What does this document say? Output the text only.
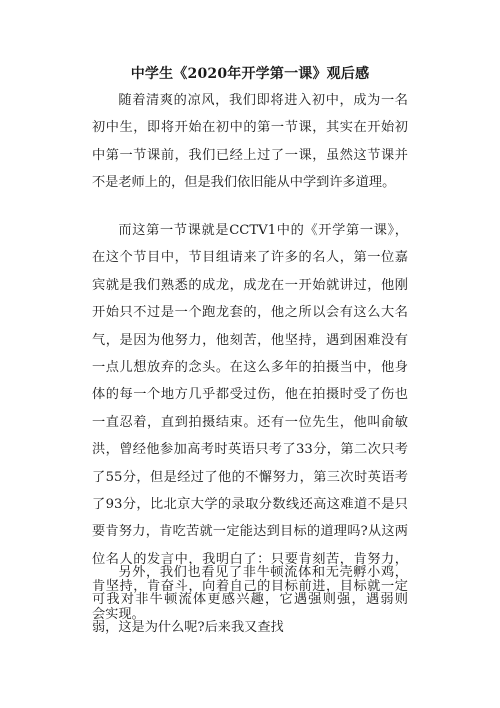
中学生《2020年开学第一课》观后感

随着清爽的凉风，我们即将进入初中，成为一名初中生，即将开始在初中的第一节课，其实在开始初中第一节课前，我们已经上过了一课，虽然这节课并不是老师上的，但是我们依旧能从中学到许多道理。

而这第一节课就是CCTV1中的《开学第一课》，在这个节目中，节目组请来了许多的名人，第一位嘉宾就是我们熟悉的成龙，成龙在一开始就讲过，他刚开始只不过是一个跑龙套的，他之所以会有这么大名气，是因为他努力，他刻苦，他坚持，遇到困难没有一点儿想放弃的念头。在这么多年的拍摄当中，他身体的每一个地方几乎都受过伤，他在拍摄时受了伤也一直忍着，直到拍摄结束。还有一位先生，他叫俞敏洪，曾经他参加高考时英语只考了33分，第二次只考了55分，但是经过了他的不懈努力，第三次时英语考了93分，比北京大学的录取分数线还高这难道不是只要肯努力，肯吃苦就一定能达到目标的道理吗?从这两位名人的发言中，我明白了：只要肯刻苦，肯努力，肯坚持，肯奋斗，向着自己的目标前进，目标就一定会实现。

另外，我们也看见了非牛顿流体和无壳孵小鸡，可我对非牛顿流体更感兴趣，它遇强则强，遇弱则弱，这是为什么呢?后来我又查找
